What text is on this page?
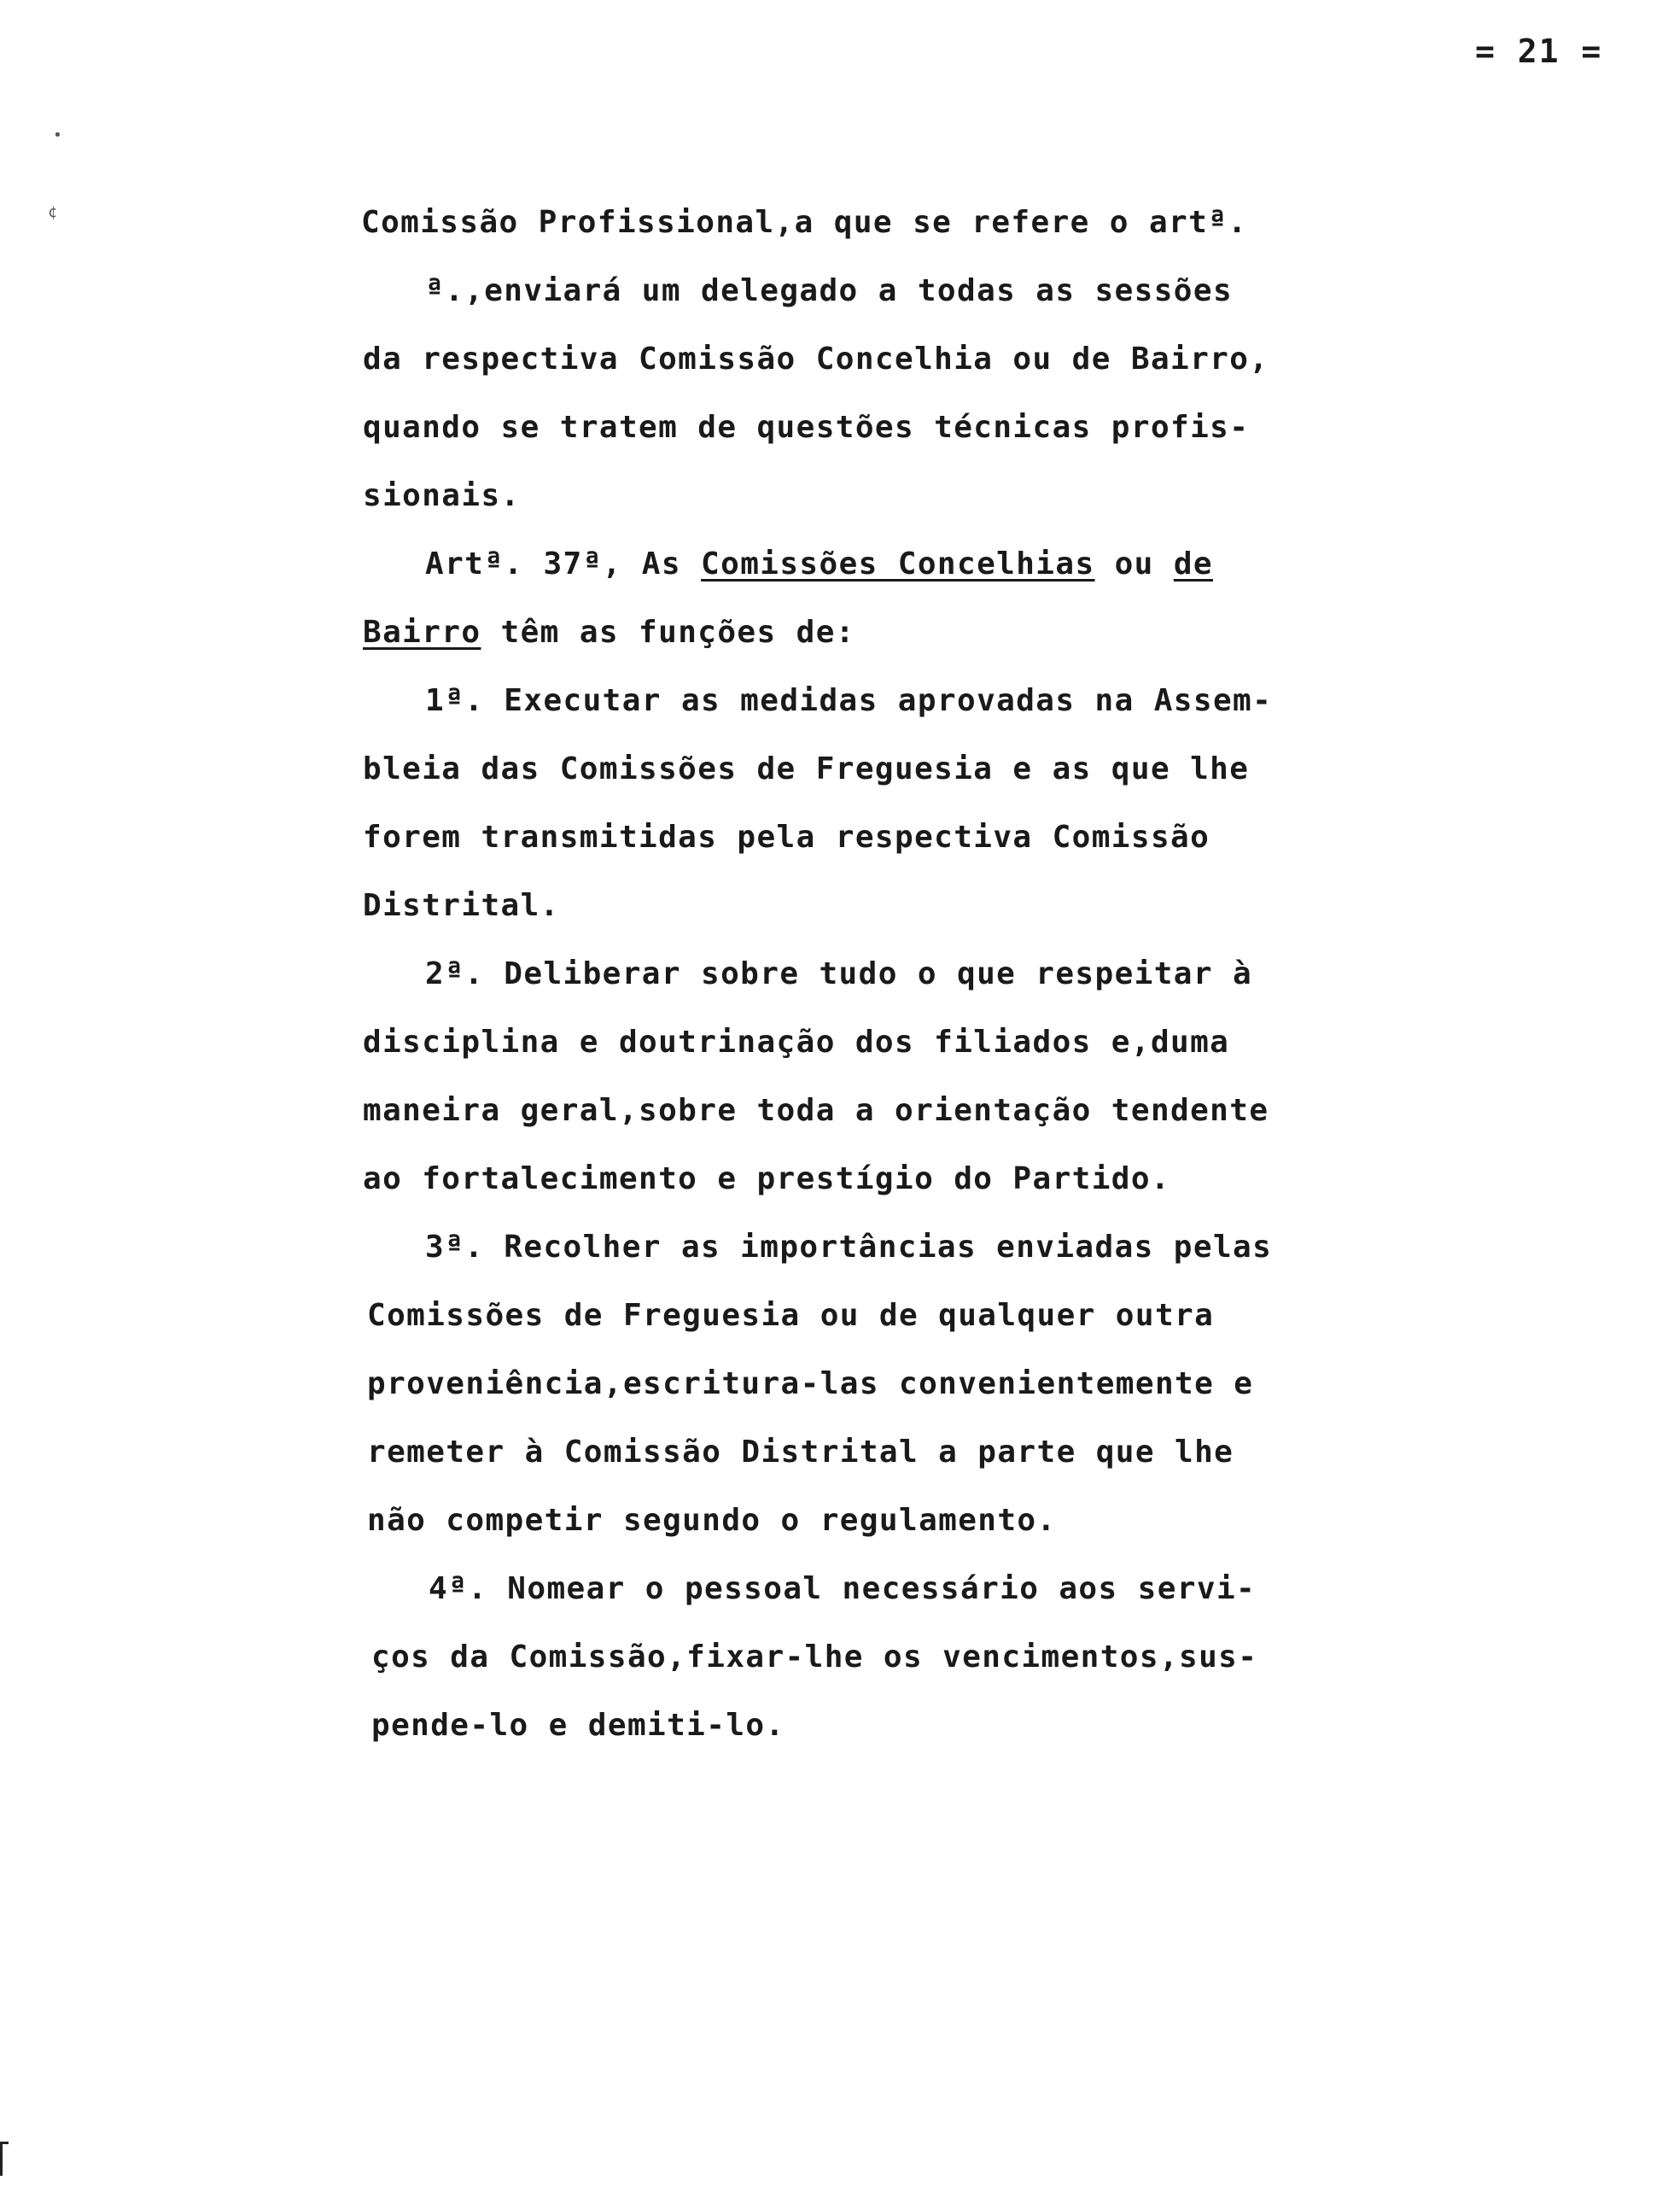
= 21 =
•
¢	Comissão Profissional,a que se refere o artª.
ª.,enviará um delegado a todas as sessões
da respectiva Comissão Concelhia ou de Bairro,
quando se tratem de questões técnicas profis-
sionais.
Artª. 37ª, As Comissões Concelhias ou de
Bairro têm as funções de:
1ª. Executar as medidas aprovadas na Assem-
bleia das Comissões de Freguesia e as que lhe
forem transmitidas pela respectiva Comissão
Distrital.
2ª. Deliberar sobre tudo o que respeitar à
disciplina e doutrinação dos filiados e,duma
maneira geral,sobre toda a orientação tendente
ao fortalecimento e prestígio do Partido.
3ª. Recolher as importâncias enviadas pelas
Comissões de Freguesia ou de qualquer outra
proveniência,escritura-las convenientemente e
remeter à Comissão Distrital a parte que lhe
não competir segundo o regulamento.
4ª. Nomear o pessoal necessário aos servi-
ços da Comissão,fixar-lhe os vencimentos,sus-
pende-lo e demiti-lo.
